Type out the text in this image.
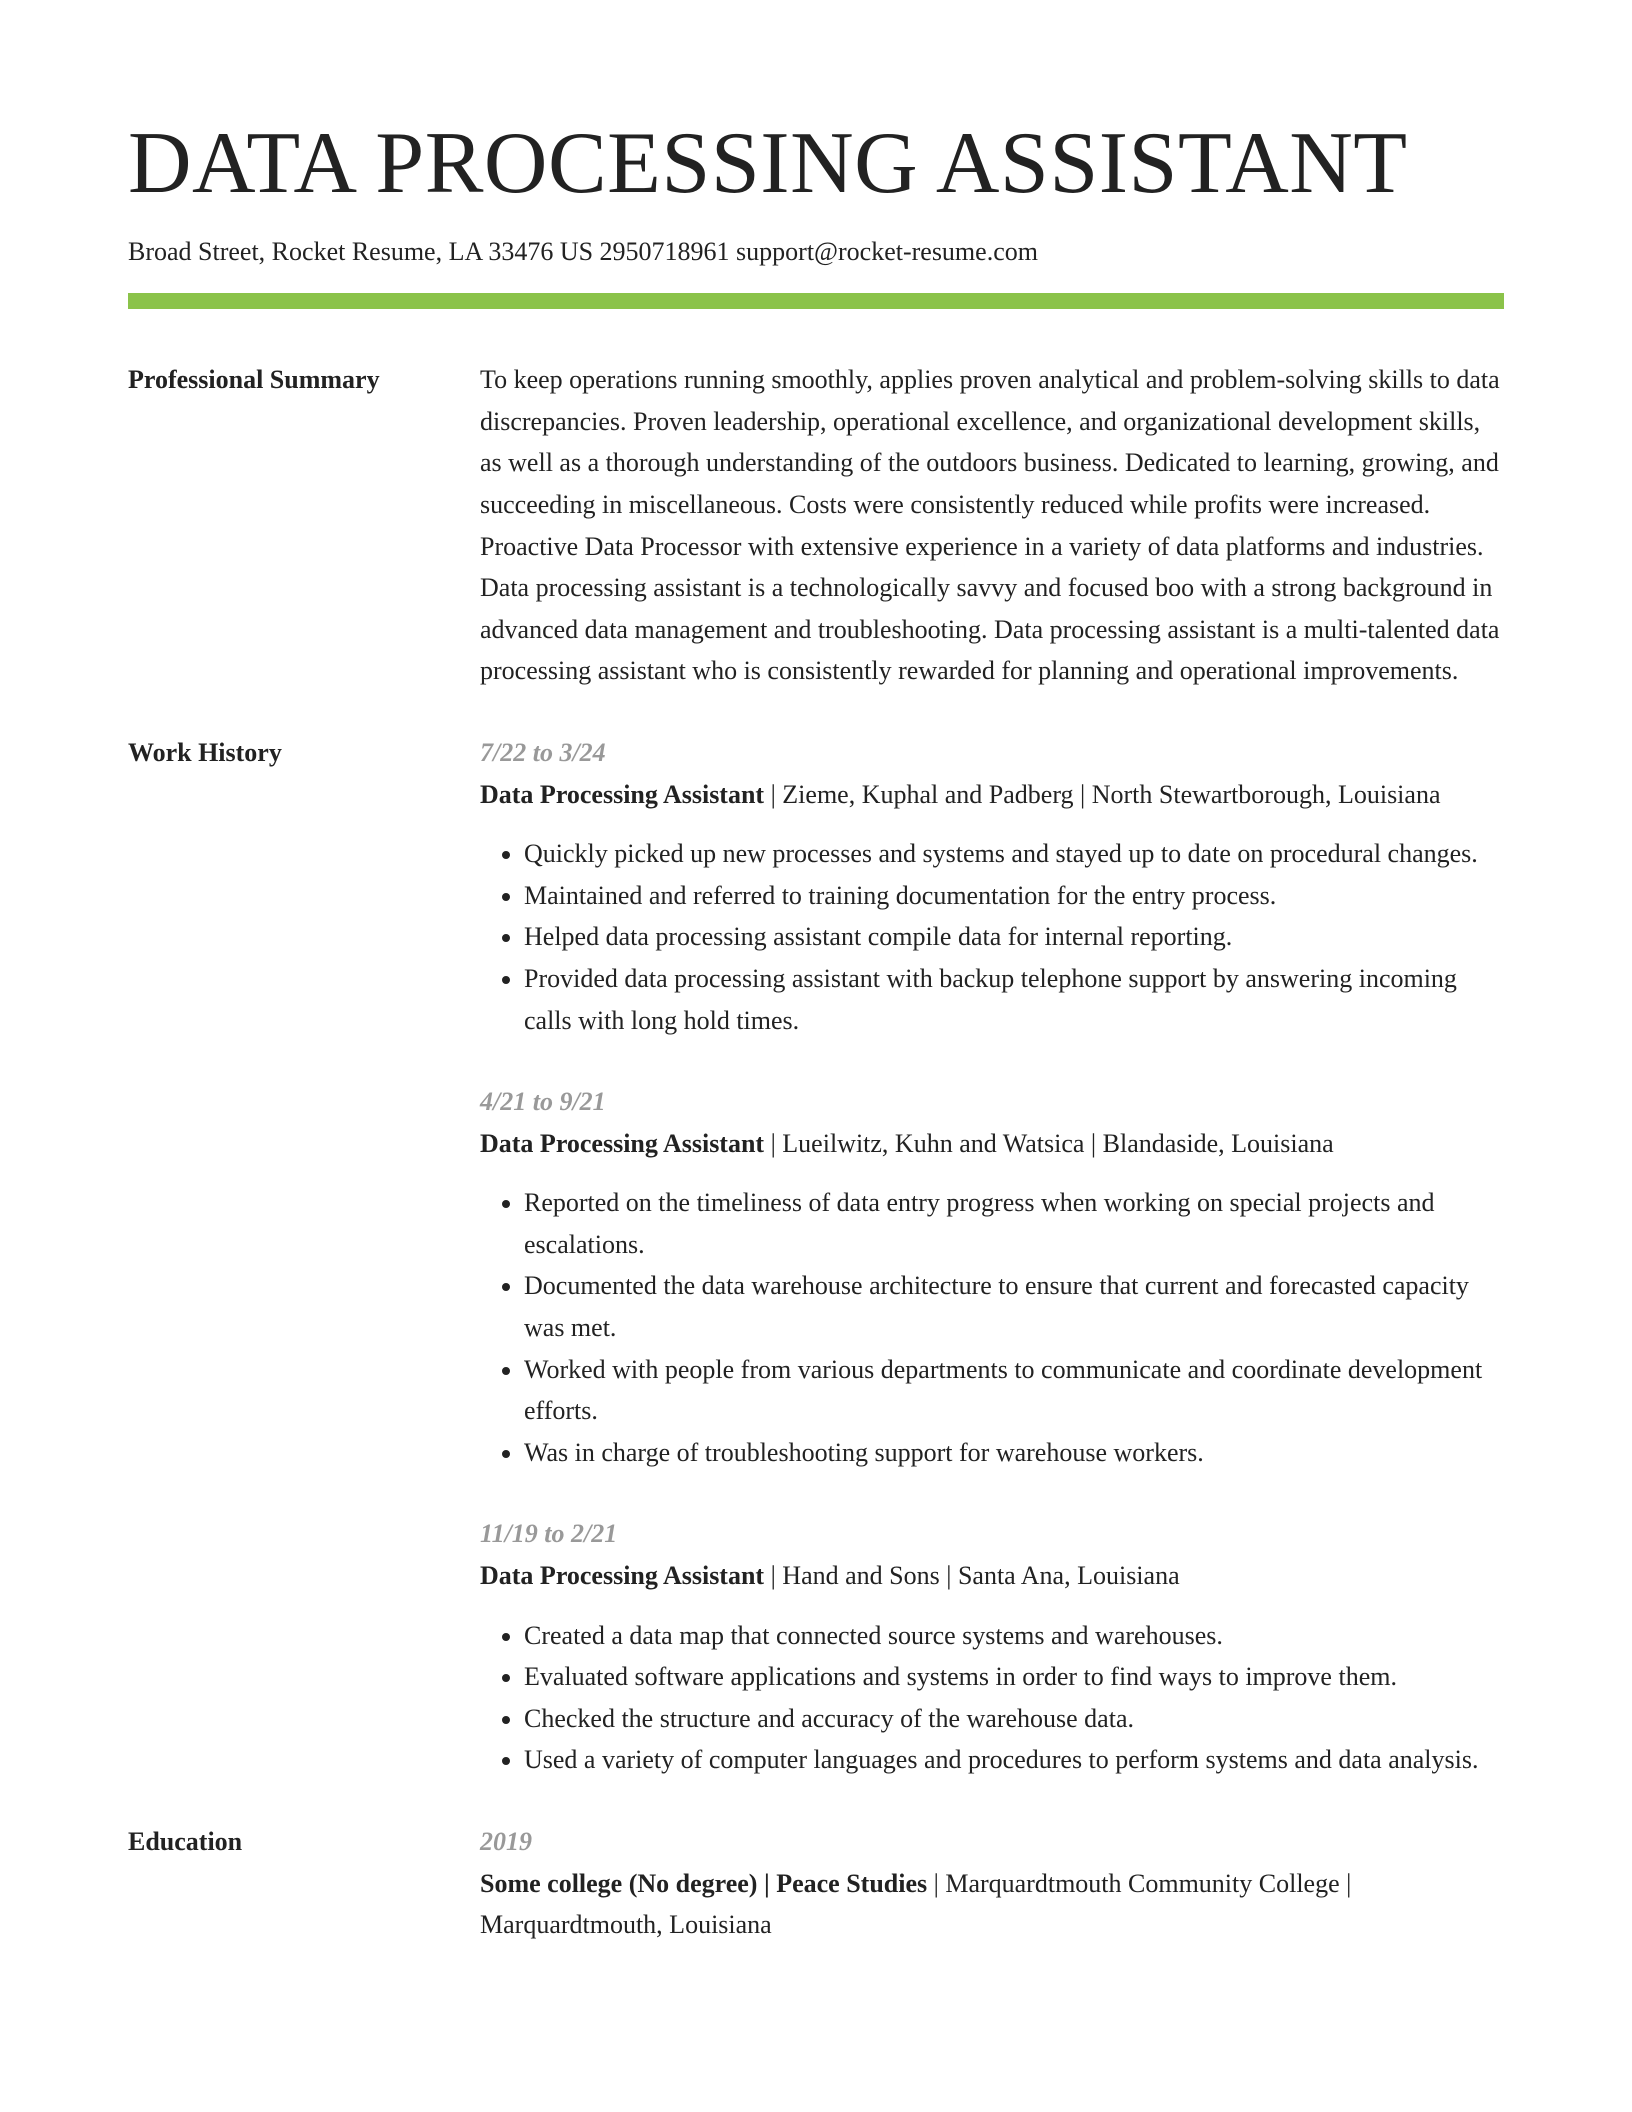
DATA PROCESSING ASSISTANT
Broad Street, Rocket Resume, LA 33476 US 2950718961 support@rocket-resume.com
Professional Summary	To keep operations running smoothly, applies proven analytical and problem-solving skills to data discrepancies. Proven leadership, operational excellence, and organizational development skills, as well as a thorough understanding of the outdoors business. Dedicated to learning, growing, and succeeding in miscellaneous. Costs were consistently reduced while profits were increased. Proactive Data Processor with extensive experience in a variety of data platforms and industries. Data processing assistant is a technologically savvy and focused boo with a strong background in advanced data management and troubleshooting. Data processing assistant is a multi-talented data processing assistant who is consistently rewarded for planning and operational improvements.

Work History	7/22 to 3/24
Data Processing Assistant | Zieme, Kuphal and Padberg | North Stewartborough, Louisiana
• Quickly picked up new processes and systems and stayed up to date on procedural changes.
• Maintained and referred to training documentation for the entry process.
• Helped data processing assistant compile data for internal reporting.
• Provided data processing assistant with backup telephone support by answering incoming calls with long hold times.
4/21 to 9/21
Data Processing Assistant | Lueilwitz, Kuhn and Watsica | Blandaside, Louisiana
• Reported on the timeliness of data entry progress when working on special projects and escalations.
• Documented the data warehouse architecture to ensure that current and forecasted capacity was met.
• Worked with people from various departments to communicate and coordinate development efforts.
• Was in charge of troubleshooting support for warehouse workers.
11/19 to 2/21
Data Processing Assistant | Hand and Sons | Santa Ana, Louisiana
• Created a data map that connected source systems and warehouses.
• Evaluated software applications and systems in order to find ways to improve them.
• Checked the structure and accuracy of the warehouse data.
• Used a variety of computer languages and procedures to perform systems and data analysis.
Education	2019
Some college (No degree) | Peace Studies | Marquardtmouth Community College | Marquardtmouth, Louisiana
